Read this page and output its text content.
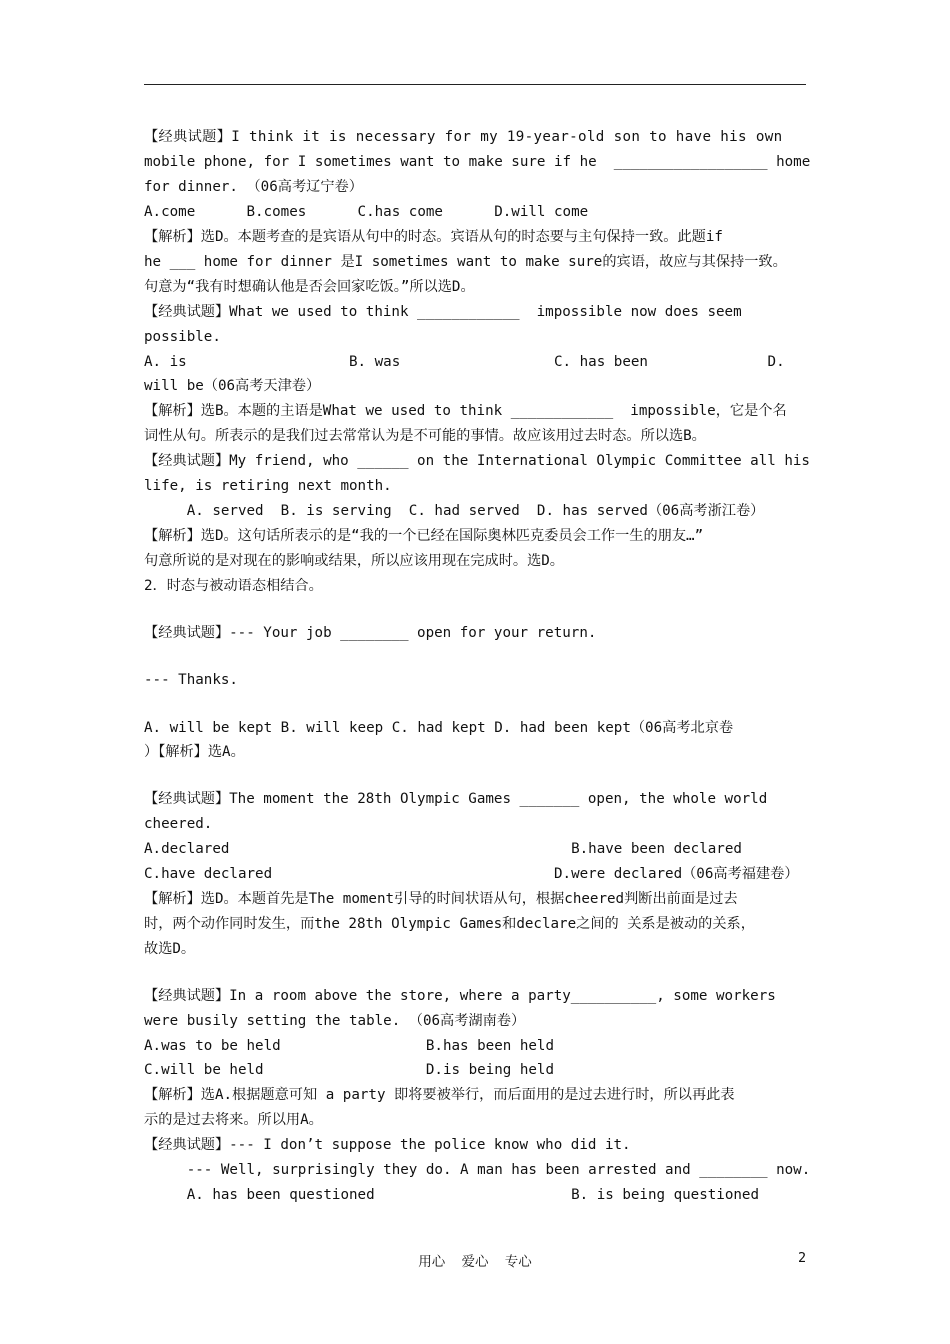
【经典试题】I think it is necessary for my 19-year-old son to have his own
mobile phone, for I sometimes want to make sure if he  __________________ home
for dinner. （06高考辽宁卷）
A.come      B.comes      C.has come      D.will come
【解析】选D。本题考查的是宾语从句中的时态。宾语从句的时态要与主句保持一致。此题if
he ___ home for dinner 是I sometimes want to make sure的宾语，故应与其保持一致。
句意为“我有时想确认他是否会回家吃饭。”所以选D。
【经典试题】What we used to think ____________  impossible now does seem
possible.
A. is                   B. was                  C. has been              D.
will be（06高考天津卷）
【解析】选B。本题的主语是What we used to think ____________  impossible，它是个名
词性从句。所表示的是我们过去常常认为是不可能的事情。故应该用过去时态。所以选B。
【经典试题】My friend, who ______ on the International Olympic Committee all his
life, is retiring next month.
A. served  B. is serving  C. had served  D. has served（06高考浙江卷）
【解析】选D。这句话所表示的是“我的一个已经在国际奥林匹克委员会工作一生的朋友…”
句意所说的是对现在的影响或结果，所以应该用现在完成时。选D。
2．时态与被动语态相结合。
【经典试题】--- Your job ________ open for your return.
--- Thanks.
A. will be kept B. will keep C. had kept D. had been kept（06高考北京卷
）【解析】选A。
【经典试题】The moment the 28th Olympic Games _______ open, the whole world
cheered.
A.declared                                        B.have been declared
C.have declared                                 D.were declared（06高考福建卷）
【解析】选D。本题首先是The moment引导的时间状语从句，根据cheered判断出前面是过去
时，两个动作同时发生，而the 28th Olympic Games和declare之间的 关系是被动的关系，
故选D。
【经典试题】In a room above the store, where a party__________, some workers
were busily setting the table. （06高考湖南卷）
A.was to be held                 B.has been held
C.will be held                   D.is being held
【解析】选A.根据题意可知 a party 即将要被举行，而后面用的是过去进行时，所以再此表
示的是过去将来。所以用A。
【经典试题】--- I don’t suppose the police know who did it.
--- Well, surprisingly they do. A man has been arrested and ________ now.
A. has been questioned                       B. is being questioned
用心  爱心  专心	2
